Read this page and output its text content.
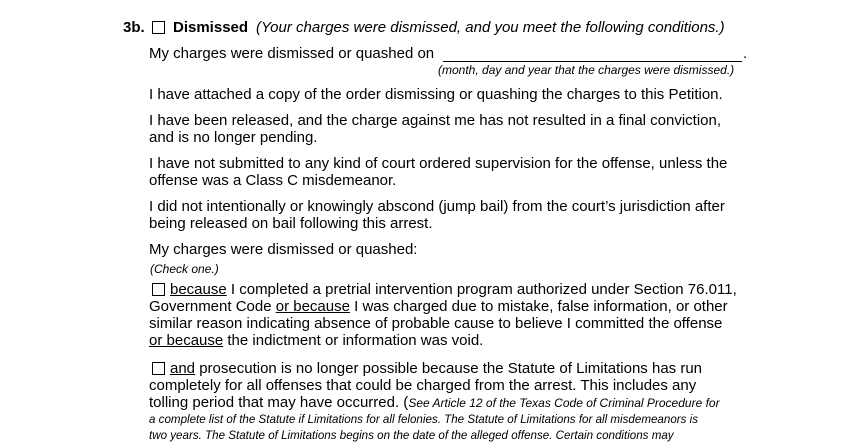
3b. Dismissed (Your charges were dismissed, and you meet the following conditions.)
My charges were dismissed or quashed on	.
(month, day and year that the charges were dismissed.)
I have attached a copy of the order dismissing or quashing the charges to this Petition.
I have been released, and the charge against me has not resulted in a final conviction,
and is no longer pending.
I have not submitted to any kind of court ordered supervision for the offense, unless the
offense was a Class C misdemeanor.
I did not intentionally or knowingly abscond (jump bail) from the court’s jurisdiction after
being released on bail following this arrest.
My charges were dismissed or quashed:
(Check one.)
because I completed a pretrial intervention program authorized under Section 76.011,
Government Code or because I was charged due to mistake, false information, or other
similar reason indicating absence of probable cause to believe I committed the offense
or because the indictment or information was void.
and prosecution is no longer possible because the Statute of Limitations has run
completely for all offenses that could be charged from the arrest. This includes any
tolling period that may have occurred. (See Article 12 of the Texas Code of Criminal Procedure for
a complete list of the Statute if Limitations for all felonies. The Statute of Limitations for all misdemeanors is
two years. The Statute of Limitations begins on the date of the alleged offense. Certain conditions may
